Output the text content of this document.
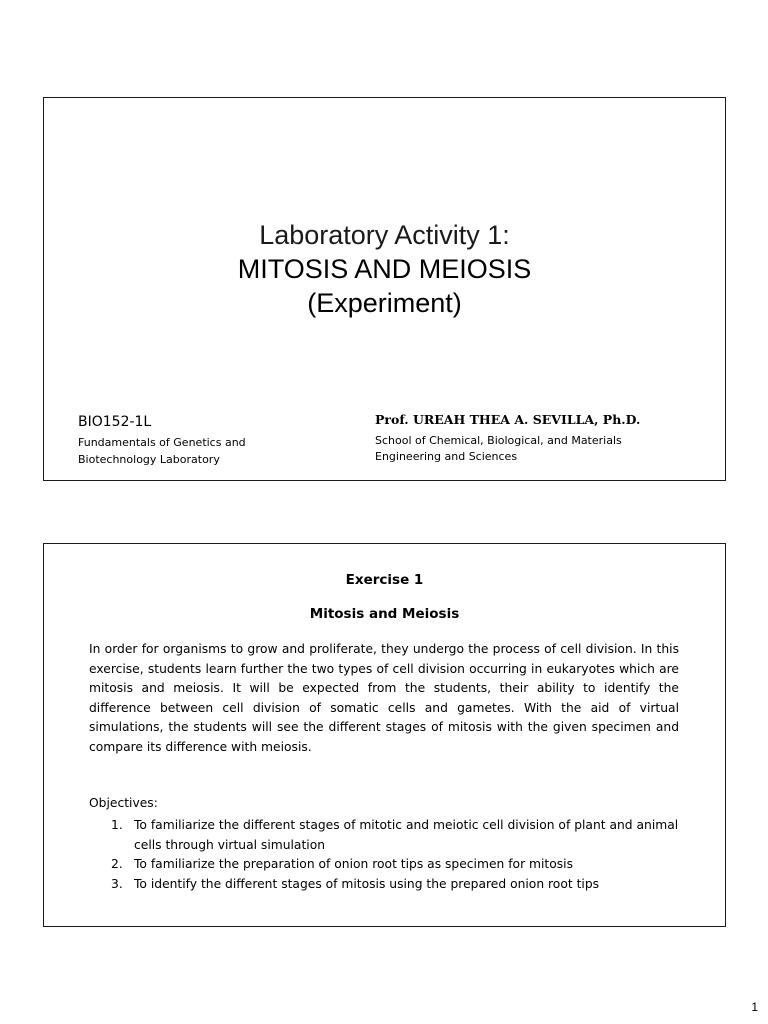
Laboratory Activity 1:
MITOSIS AND MEIOSIS
(Experiment)
BIO152-1L
Fundamentals of Genetics and Biotechnology Laboratory
Prof. UREAH THEA A. SEVILLA, Ph.D.
School of Chemical, Biological, and Materials Engineering and Sciences
Exercise 1
Mitosis and Meiosis
In order for organisms to grow and proliferate, they undergo the process of cell division. In this exercise, students learn further the two types of cell division occurring in eukaryotes which are mitosis and meiosis. It will be expected from the students, their ability to identify the difference between cell division of somatic cells and gametes. With the aid of virtual simulations, the students will see the different stages of mitosis with the given specimen and compare its difference with meiosis.
Objectives:
1. To familiarize the different stages of mitotic and meiotic cell division of plant and animal cells through virtual simulation
2. To familiarize the preparation of onion root tips as specimen for mitosis
3. To identify the different stages of mitosis using the prepared onion root tips
1
